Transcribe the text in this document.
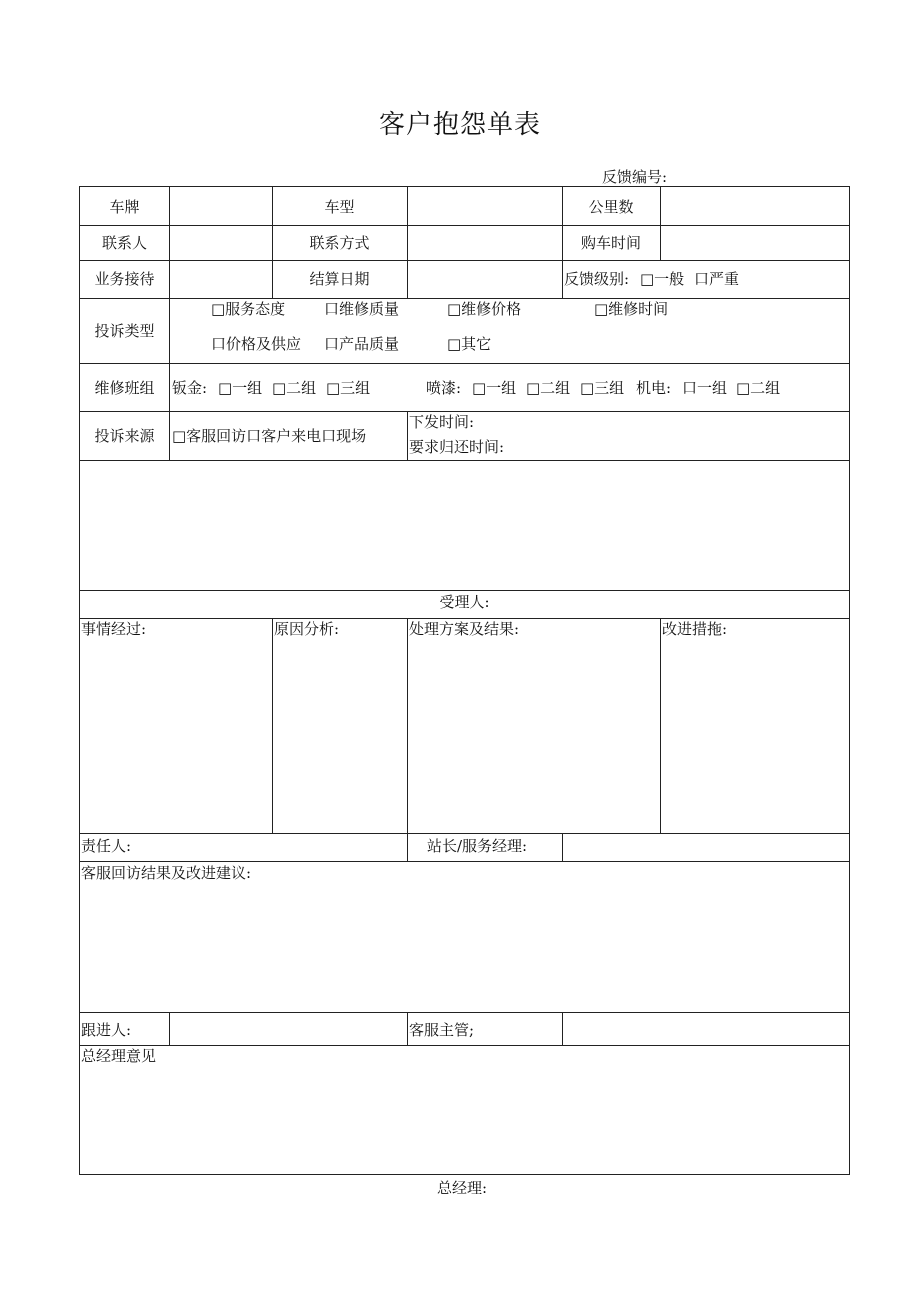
客户抱怨单表
反馈编号:
车牌	车型	公里数
联系人	联系方式	购车时间
业务接待	结算日期	反馈级别: □一般 口严重
投诉类型
□服务态度	口维修质量	□维修价格	□维修时间
口价格及供应 口产品质量	□其它
维修班组	钣金: □一组 □二组 □三组	喷漆: □一组 □二组 □三组 机电: 口一组 □二组
投诉来源	□客服回访口客户来电口现场
下发时间:
要求归还时间:
受理人:
事情经过:	原因分析:	处理方案及结果:	改进措拖:
责任人:	站长/服务经理:
客服回访结果及改进建议:
跟进人:	客服主管;
总经理意见
总经理:
